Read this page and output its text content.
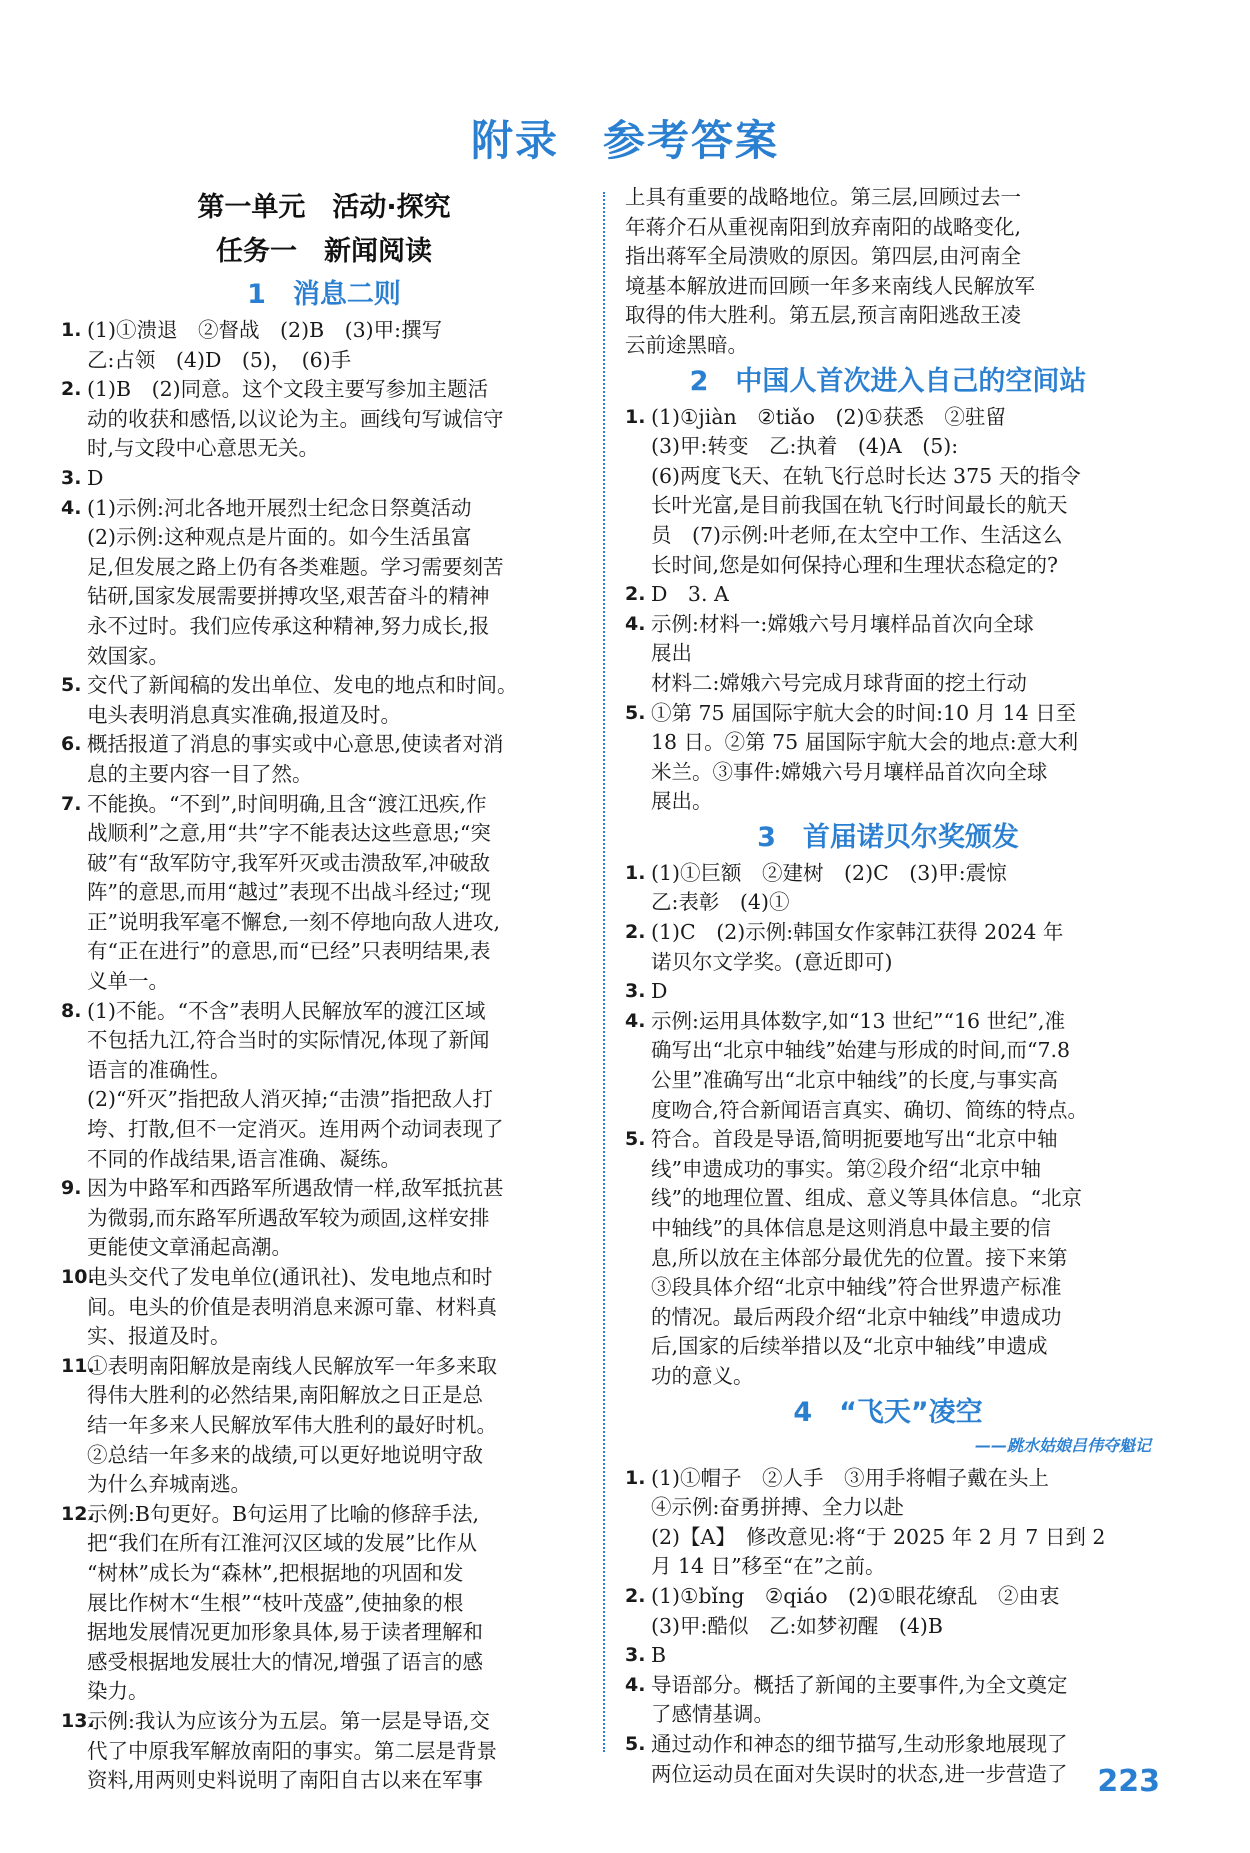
附录　参考答案
第一单元　活动·探究
任务一　新闻阅读
1　消息二则
1. (1)①溃退　②督战　(2)B　(3)甲:撰写
乙:占领　(4)D　(5)，　(6)手
2. (1)B　(2)同意。这个文段主要写参加主题活
动的收获和感悟,以议论为主。画线句写诚信守
时,与文段中心意思无关。
3. D
4. (1)示例:河北各地开展烈士纪念日祭奠活动
(2)示例:这种观点是片面的。如今生活虽富
足,但发展之路上仍有各类难题。学习需要刻苦
钻研,国家发展需要拼搏攻坚,艰苦奋斗的精神
永不过时。我们应传承这种精神,努力成长,报
效国家。
5. 交代了新闻稿的发出单位、发电的地点和时间。
电头表明消息真实准确,报道及时。
6. 概括报道了消息的事实或中心意思,使读者对消
息的主要内容一目了然。
7. 不能换。“不到”,时间明确,且含“渡江迅疾,作
战顺利”之意,用“共”字不能表达这些意思;“突
破”有“敌军防守,我军歼灭或击溃敌军,冲破敌
阵”的意思,而用“越过”表现不出战斗经过;“现
正”说明我军毫不懈怠,一刻不停地向敌人进攻,
有“正在进行”的意思,而“已经”只表明结果,表
义单一。
8. (1)不能。“不含”表明人民解放军的渡江区域
不包括九江,符合当时的实际情况,体现了新闻
语言的准确性。
(2)“歼灭”指把敌人消灭掉;“击溃”指把敌人打
垮、打散,但不一定消灭。连用两个动词表现了
不同的作战结果,语言准确、凝练。
9. 因为中路军和西路军所遇敌情一样,敌军抵抗甚
为微弱,而东路军所遇敌军较为顽固,这样安排
更能使文章涌起高潮。
10.
电头交代了发电单位(通讯社)、发电地点和时
间。电头的价值是表明消息来源可靠、材料真
实、报道及时。
11.
①表明南阳解放是南线人民解放军一年多来取
得伟大胜利的必然结果,南阳解放之日正是总
结一年多来人民解放军伟大胜利的最好时机。
②总结一年多来的战绩,可以更好地说明守敌
为什么弃城南逃。
12.
示例:B句更好。B句运用了比喻的修辞手法,
把“我们在所有江淮河汉区域的发展”比作从
“树林”成长为“森林”,把根据地的巩固和发
展比作树木“生根”“枝叶茂盛”,使抽象的根
据地发展情况更加形象具体,易于读者理解和
感受根据地发展壮大的情况,增强了语言的感
染力。
13.
示例:我认为应该分为五层。第一层是导语,交
代了中原我军解放南阳的事实。第二层是背景
资料,用两则史料说明了南阳自古以来在军事
上具有重要的战略地位。第三层,回顾过去一
年蒋介石从重视南阳到放弃南阳的战略变化,
指出蒋军全局溃败的原因。第四层,由河南全
境基本解放进而回顾一年多来南线人民解放军
取得的伟大胜利。第五层,预言南阳逃敌王凌
云前途黑暗。
2　中国人首次进入自己的空间站
1. (1)①jiàn　②tiǎo　(2)①获悉　②驻留
(3)甲:转变　乙:执着　(4)A　(5):
(6)两度飞天、在轨飞行总时长达 375 天的指令
长叶光富,是目前我国在轨飞行时间最长的航天
员　(7)示例:叶老师,在太空中工作、生活这么
长时间,您是如何保持心理和生理状态稳定的?
2. D　3. A
4. 示例:材料一:嫦娥六号月壤样品首次向全球
展出
材料二:嫦娥六号完成月球背面的挖土行动
5. ①第 75 届国际宇航大会的时间:10 月 14 日至
18 日。②第 75 届国际宇航大会的地点:意大利
米兰。③事件:嫦娥六号月壤样品首次向全球
展出。
3　首届诺贝尔奖颁发
1. (1)①巨额　②建树　(2)C　(3)甲:震惊
乙:表彰　(4)①
2. (1)C　(2)示例:韩国女作家韩江获得 2024 年
诺贝尔文学奖。(意近即可)
3. D
4. 示例:运用具体数字,如“13 世纪”“16 世纪”,准
确写出“北京中轴线”始建与形成的时间,而“7.8
公里”准确写出“北京中轴线”的长度,与事实高
度吻合,符合新闻语言真实、确切、简练的特点。
5. 符合。首段是导语,简明扼要地写出“北京中轴
线”申遗成功的事实。第②段介绍“北京中轴
线”的地理位置、组成、意义等具体信息。“北京
中轴线”的具体信息是这则消息中最主要的信
息,所以放在主体部分最优先的位置。接下来第
③段具体介绍“北京中轴线”符合世界遗产标准
的情况。最后两段介绍“北京中轴线”申遗成功
后,国家的后续举措以及“北京中轴线”申遗成
功的意义。
4　“飞天”凌空
——跳水姑娘吕伟夺魁记
1. (1)①帽子　②人手　③用手将帽子戴在头上
④示例:奋勇拼搏、全力以赴
(2)【A】　修改意见:将“于 2025 年 2 月 7 日到 2
月 14 日”移至“在”之前。
2. (1)①bǐng　②qiáo　(2)①眼花缭乱　②由衷
(3)甲:酷似　乙:如梦初醒　(4)B
3. B
4. 导语部分。概括了新闻的主要事件,为全文奠定
了感情基调。
5. 通过动作和神态的细节描写,生动形象地展现了
两位运动员在面对失误时的状态,进一步营造了 223
